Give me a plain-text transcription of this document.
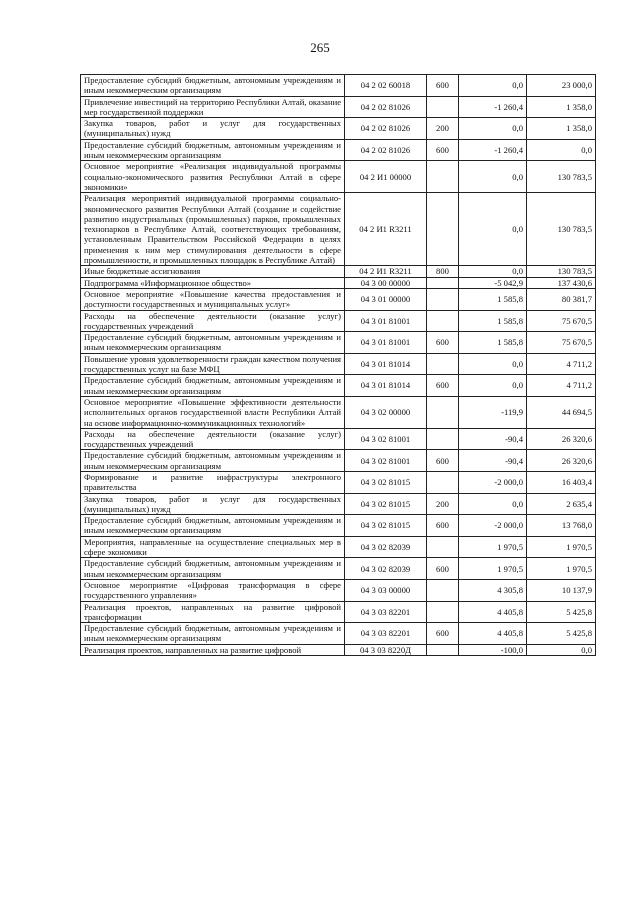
265
Предоставление субсидий бюджетным, автономным учреждениям и иным некоммерческим организациям	04 2 02 60018	600	0,0	23 000,0
Привлечение инвестиций на территорию Республики Алтай, оказание мер государственной поддержки	04 2 02 81026		-1 260,4	1 358,0
Закупка товаров, работ и услуг для государственных (муниципальных) нужд	04 2 02 81026	200	0,0	1 358,0
Предоставление субсидий бюджетным, автономным учреждениям и иным некоммерческим организациям	04 2 02 81026	600	-1 260,4	0,0
Основное мероприятие «Реализация индивидуальной программы социально-экономического развития Республики Алтай в сфере экономики»	04 2 И1 00000		0,0	130 783,5
Реализация мероприятий индивидуальной программы социально-экономического развития Республики Алтай (создание и содействие развитию индустриальных (промышленных) парков, промышленных технопарков в Республике Алтай, соответствующих требованиям, установленным Правительством Российской Федерации в целях применения к ним мер стимулирования деятельности в сфере промышленности, и промышленных площадок в Республике Алтай)	04 2 И1 R3211		0,0	130 783,5
Иные бюджетные ассигнования	04 2 И1 R3211	800	0,0	130 783,5
Подпрограмма «Информационное общество»	04 3 00 00000		-5 042,9	137 430,6
Основное мероприятие «Повышение качества предоставления и доступности государственных и муниципальных услуг»	04 3 01 00000		1 585,8	80 381,7
Расходы на обеспечение деятельности (оказание услуг) государственных учреждений	04 3 01 81001		1 585,8	75 670,5
Предоставление субсидий бюджетным, автономным учреждениям и иным некоммерческим организациям	04 3 01 81001	600	1 585,8	75 670,5
Повышение уровня удовлетворенности граждан качеством получения государственных услуг на базе МФЦ	04 3 01 81014		0,0	4 711,2
Предоставление субсидий бюджетным, автономным учреждениям и иным некоммерческим организациям	04 3 01 81014	600	0,0	4 711,2
Основное мероприятие «Повышение эффективности деятельности исполнительных органов государственной власти Республики Алтай на основе информационно-коммуникационных технологий»	04 3 02 00000		-119,9	44 694,5
Расходы на обеспечение деятельности (оказание услуг) государственных учреждений	04 3 02 81001		-90,4	26 320,6
Предоставление субсидий бюджетным, автономным учреждениям и иным некоммерческим организациям	04 3 02 81001	600	-90,4	26 320,6
Формирование и развитие инфраструктуры электронного правительства	04 3 02 81015		-2 000,0	16 403,4
Закупка товаров, работ и услуг для государственных (муниципальных) нужд	04 3 02 81015	200	0,0	2 635,4
Предоставление субсидий бюджетным, автономным учреждениям и иным некоммерческим организациям	04 3 02 81015	600	-2 000,0	13 768,0
Мероприятия, направленные на осуществление специальных мер в сфере экономики	04 3 02 82039		1 970,5	1 970,5
Предоставление субсидий бюджетным, автономным учреждениям и иным некоммерческим организациям	04 3 02 82039	600	1 970,5	1 970,5
Основное мероприятие «Цифровая трансформация в сфере государственного управления»	04 3 03 00000		4 305,8	10 137,9
Реализация проектов, направленных на развитие цифровой трансформации	04 3 03 82201		4 405,8	5 425,8
Предоставление субсидий бюджетным, автономным учреждениям и иным некоммерческим организациям	04 3 03 82201	600	4 405,8	5 425,8
Реализация проектов, направленных на развитие цифровой	04 3 03 8220Д		-100,0	0,0
